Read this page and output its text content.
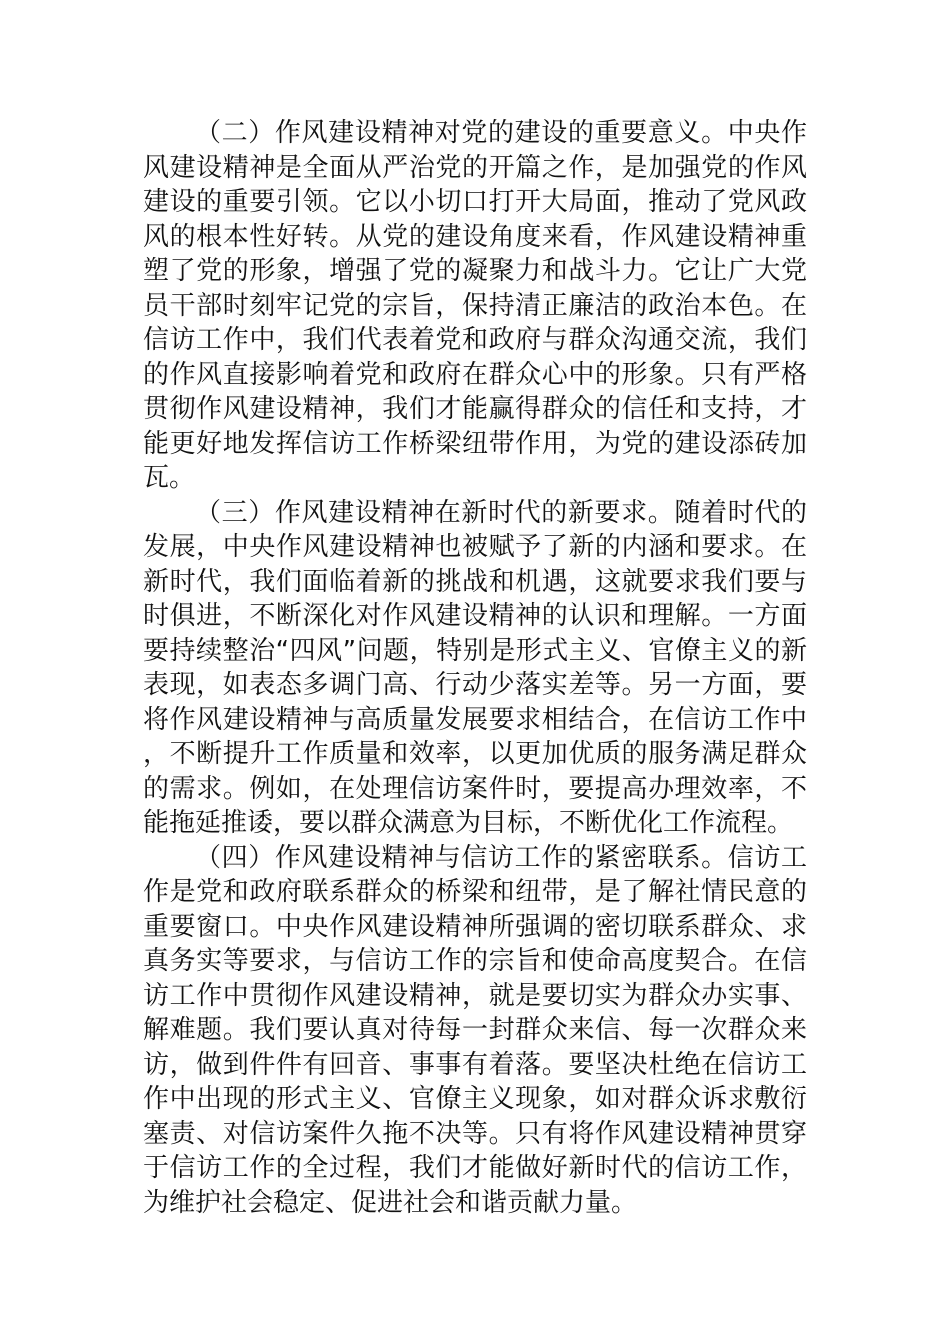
（二）作风建设精神对党的建设的重要意义。中央作风建设精神是全面从严治党的开篇之作，是加强党的作风建设的重要引领。它以小切口打开大局面，推动了党风政风的根本性好转。从党的建设角度来看，作风建设精神重塑了党的形象，增强了党的凝聚力和战斗力。它让广大党员干部时刻牢记党的宗旨，保持清正廉洁的政治本色。在信访工作中，我们代表着党和政府与群众沟通交流，我们的作风直接影响着党和政府在群众心中的形象。只有严格贯彻作风建设精神，我们才能赢得群众的信任和支持，才能更好地发挥信访工作桥梁纽带作用，为党的建设添砖加瓦。

（三）作风建设精神在新时代的新要求。随着时代的发展，中央作风建设精神也被赋予了新的内涵和要求。在新时代，我们面临着新的挑战和机遇，这就要求我们要与时俱进，不断深化对作风建设精神的认识和理解。一方面要持续整治“四风”问题，特别是形式主义、官僚主义的新表现，如表态多调门高、行动少落实差等。另一方面，要将作风建设精神与高质量发展要求相结合，在信访工作中，不断提升工作质量和效率，以更加优质的服务满足群众的需求。例如，在处理信访案件时，要提高办理效率，不能拖延推诿，要以群众满意为目标，不断优化工作流程。

（四）作风建设精神与信访工作的紧密联系。信访工作是党和政府联系群众的桥梁和纽带，是了解社情民意的重要窗口。中央作风建设精神所强调的密切联系群众、求真务实等要求，与信访工作的宗旨和使命高度契合。在信访工作中贯彻作风建设精神，就是要切实为群众办实事、解难题。我们要认真对待每一封群众来信、每一次群众来访，做到件件有回音、事事有着落。要坚决杜绝在信访工作中出现的形式主义、官僚主义现象，如对群众诉求敷衍塞责、对信访案件久拖不决等。只有将作风建设精神贯穿于信访工作的全过程，我们才能做好新时代的信访工作，为维护社会稳定、促进社会和谐贡献力量。
